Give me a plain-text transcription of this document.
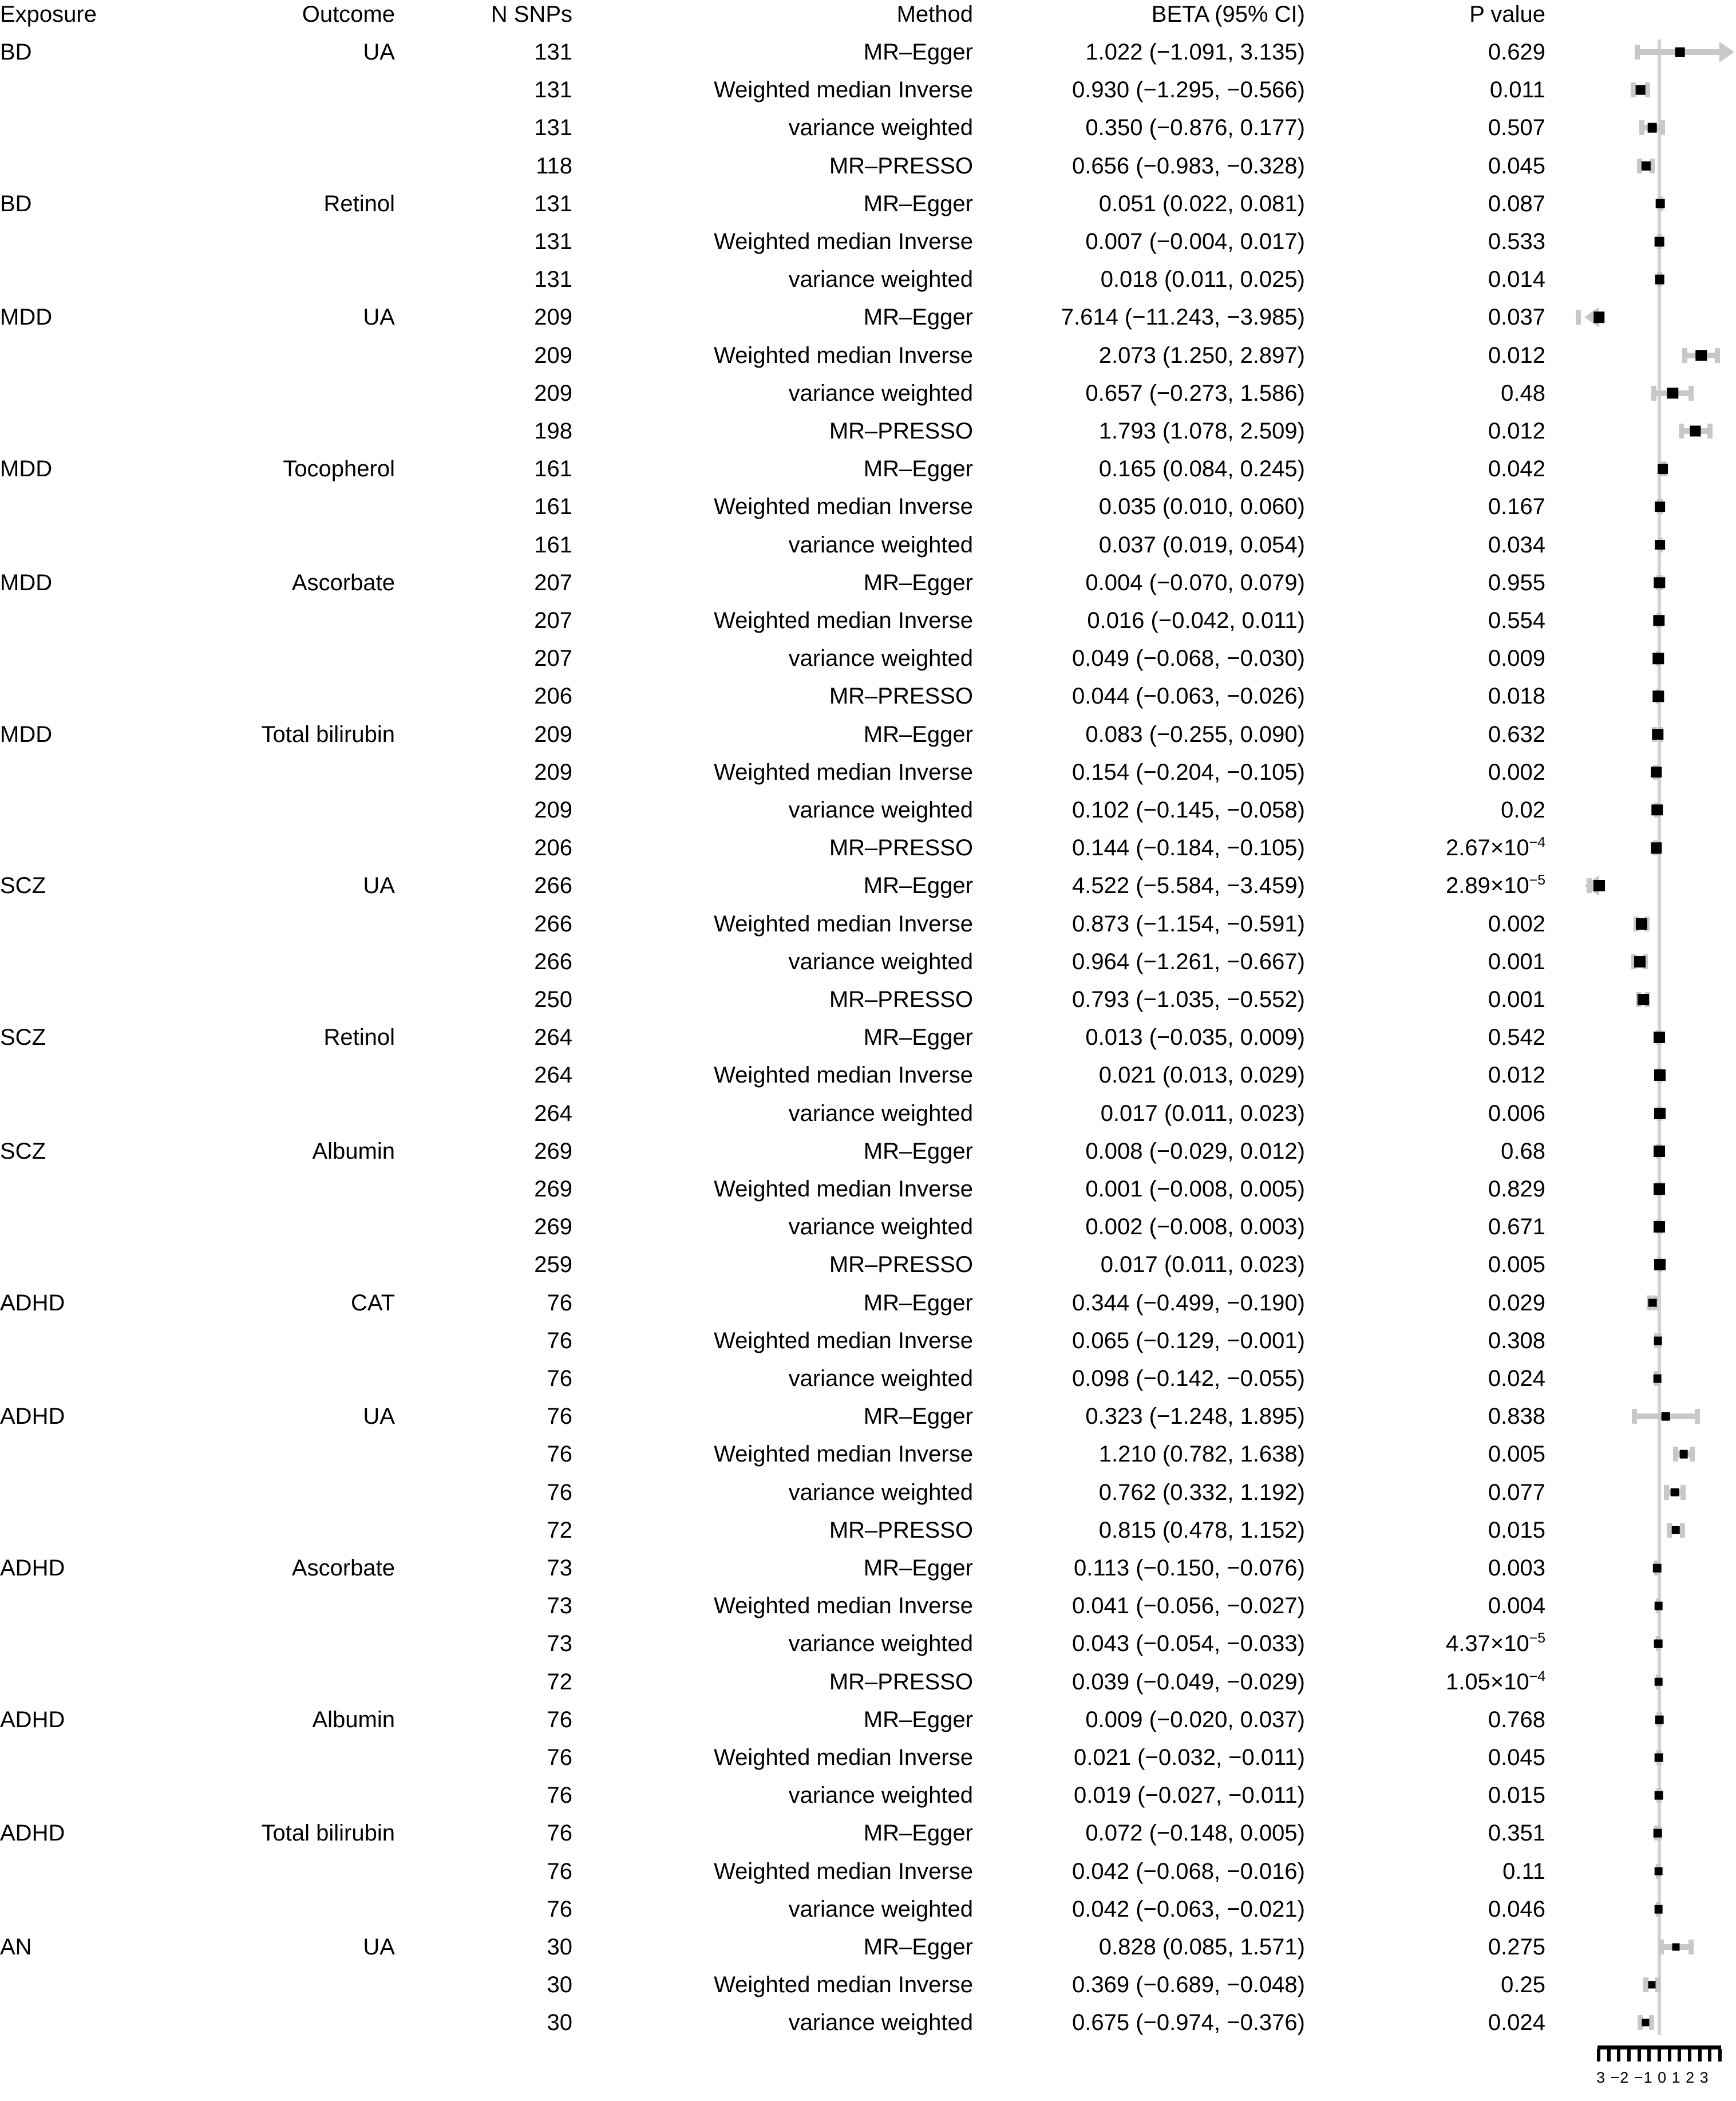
Exposure	Outcome	N SNPs	Method	BETA (95% CI)	P value
BD	UA	131	MR–Egger	1.022 (−1.091, 3.135)	0.629
131	Weighted median Inverse	0.930 (−1.295, −0.566)	0.011
131	variance weighted	0.350 (−0.876, 0.177)	0.507
118	MR–PRESSO	0.656 (−0.983, −0.328)	0.045
BD	Retinol	131	MR–Egger	0.051 (0.022, 0.081)	0.087
131	Weighted median Inverse	0.007 (−0.004, 0.017)	0.533
131	variance weighted	0.018 (0.011, 0.025)	0.014
MDD	UA	209	MR–Egger	7.614 (−11.243, −3.985)	0.037
209	Weighted median Inverse	2.073 (1.250, 2.897)	0.012
209	variance weighted	0.657 (−0.273, 1.586)	0.48
198	MR–PRESSO	1.793 (1.078, 2.509)	0.012
MDD	Tocopherol	161	MR–Egger	0.165 (0.084, 0.245)	0.042
161	Weighted median Inverse	0.035 (0.010, 0.060)	0.167
161	variance weighted	0.037 (0.019, 0.054)	0.034
MDD	Ascorbate	207	MR–Egger	0.004 (−0.070, 0.079)	0.955
207	Weighted median Inverse	0.016 (−0.042, 0.011)	0.554
207	variance weighted	0.049 (−0.068, −0.030)	0.009
206	MR–PRESSO	0.044 (−0.063, −0.026)	0.018
MDD	Total bilirubin	209	MR–Egger	0.083 (−0.255, 0.090)	0.632
209	Weighted median Inverse	0.154 (−0.204, −0.105)	0.002
209	variance weighted	0.102 (−0.145, −0.058)	0.02
206	MR–PRESSO	0.144 (−0.184, −0.105)	$2.67\times 10^{-4}$
SCZ	UA	266	MR–Egger	4.522 (−5.584, −3.459)	$2.89\times 10^{-5}$
266	Weighted median Inverse	0.873 (−1.154, −0.591)	0.002
266	variance weighted	0.964 (−1.261, −0.667)	0.001
250	MR–PRESSO	0.793 (−1.035, −0.552)	0.001
SCZ	Retinol	264	MR–Egger	0.013 (−0.035, 0.009)	0.542
264	Weighted median Inverse	0.021 (0.013, 0.029)	0.012
264	variance weighted	0.017 (0.011, 0.023)	0.006
SCZ	Albumin	269	MR–Egger	0.008 (−0.029, 0.012)	0.68
269	Weighted median Inverse	0.001 (−0.008, 0.005)	0.829
269	variance weighted	0.002 (−0.008, 0.003)	0.671
259	MR–PRESSO	0.017 (0.011, 0.023)	0.005
ADHD	CAT	76	MR–Egger	0.344 (−0.499, −0.190)	0.029
76	Weighted median Inverse	0.065 (−0.129, −0.001)	0.308
76	variance weighted	0.098 (−0.142, −0.055)	0.024
ADHD	UA	76	MR–Egger	0.323 (−1.248, 1.895)	0.838
76	Weighted median Inverse	1.210 (0.782, 1.638)	0.005
76	variance weighted	0.762 (0.332, 1.192)	0.077
72	MR–PRESSO	0.815 (0.478, 1.152)	0.015
ADHD	Ascorbate	73	MR–Egger	0.113 (−0.150, −0.076)	0.003
73	Weighted median Inverse	0.041 (−0.056, −0.027)	0.004
73	variance weighted	0.043 (−0.054, −0.033)	$4.37\times 10^{-5}$
72	MR–PRESSO	0.039 (−0.049, −0.029)	$1.05\times 10^{-4}$
ADHD	Albumin	76	MR–Egger	0.009 (−0.020, 0.037)	0.768
76	Weighted median Inverse	0.021 (−0.032, −0.011)	0.045
76	variance weighted	0.019 (−0.027, −0.011)	0.015
ADHD	Total bilirubin	76	MR–Egger	0.072 (−0.148, 0.005)	0.351
76	Weighted median Inverse	0.042 (−0.068, −0.016)	0.11
76	variance weighted	0.042 (−0.063, −0.021)	0.046
AN	UA	30	MR–Egger	0.828 (0.085, 1.571)	0.275
30	Weighted median Inverse	0.369 (−0.689, −0.048)	0.25
30	variance weighted	0.675 (−0.974, −0.376)	0.024
3 −2 −1 0 1 2 3
